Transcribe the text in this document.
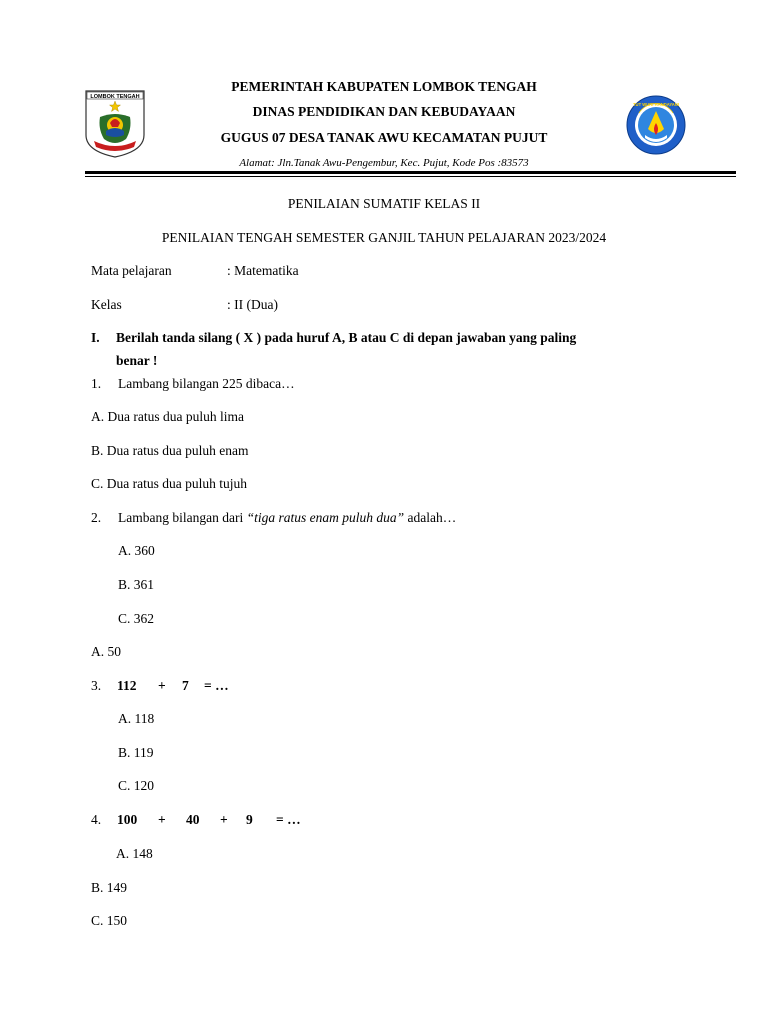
LOMBOK TENGAH
TUT WURI HANDAYANI
PEMERINTAH KABUPATEN LOMBOK TENGAH
DINAS PENDIDIKAN DAN KEBUDAYAAN
GUGUS 07 DESA TANAK AWU KECAMATAN PUJUT
Alamat: Jln.Tanak Awu-Pengembur, Kec. Pujut, Kode Pos :83573
PENILAIAN SUMATIF KELAS II
PENILAIAN TENGAH SEMESTER GANJIL TAHUN PELAJARAN 2023/2024
Mata pelajaran	: Matematika
Kelas	: II (Dua)
I. Berilah tanda silang ( X ) pada huruf A, B atau C di depan jawaban yang paling
benar !
1. Lambang bilangan 225 dibaca…
A. Dua ratus dua puluh lima
B. Dua ratus dua puluh enam
C. Dua ratus dua puluh tujuh
2. Lambang bilangan dari “tiga ratus enam puluh dua” adalah…
A. 360
B. 361
C. 362
A. 50
3. 112 + 7 = …
A. 118
B. 119
C. 120
4. 100 + 40 + 9 = …
A. 148
B. 149
C. 150
